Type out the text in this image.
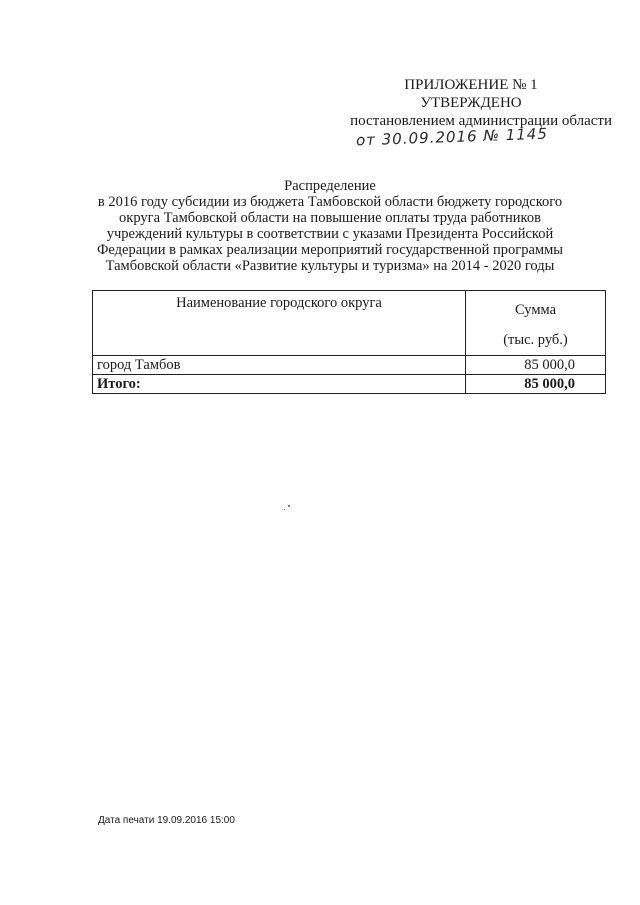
ПРИЛОЖЕНИЕ № 1
УТВЕРЖДЕНО
постановлением администрации области
от 30.09.2016 № 1145
Распределение
в 2016 году субсидии из бюджета Тамбовской области бюджету городского
округа Тамбовской области на повышение оплаты труда работников
учреждений культуры в соответствии с указами Президента Российской
Федерации в рамках реализации мероприятий государственной программы
Тамбовской области «Развитие культуры и туризма» на 2014 - 2020 годы
Наименование городского округа	Сумма
(тыс. руб.)

город Тамбов	85 000,0
Итого:	85 000,0
Дата печати 19.09.2016 15:00
